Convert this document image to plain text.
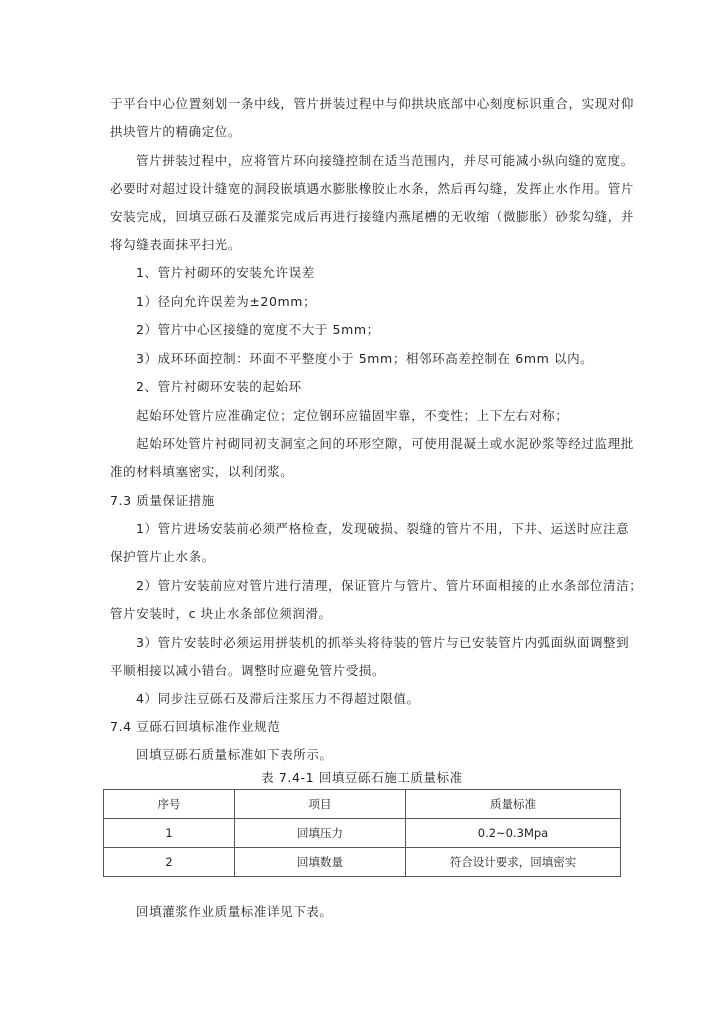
于平台中心位置刻划一条中线，管片拼装过程中与仰拱块底部中心刻度标识重合，实现对仰
拱块管片的精确定位。
管片拼装过程中，应将管片环向接缝控制在适当范围内，并尽可能减小纵向缝的宽度。
必要时对超过设计缝宽的洞段嵌填遇水膨胀橡胶止水条，然后再勾缝，发挥止水作用。管片
安装完成，回填豆砾石及灌浆完成后再进行接缝内燕尾槽的无收缩（微膨胀）砂浆勾缝，并
将勾缝表面抹平扫光。
1、管片衬砌环的安装允许误差
1）径向允许误差为±20mm；
2）管片中心区接缝的宽度不大于 5mm；
3）成环环面控制：环面不平整度小于 5mm；相邻环高差控制在 6mm 以内。
2、管片衬砌环安装的起始环
起始环处管片应准确定位；定位钢环应锚固牢靠，不变性；上下左右对称；
起始环处管片衬砌同初支洞室之间的环形空隙，可使用混凝土或水泥砂浆等经过监理批
准的材料填塞密实，以利闭浆。
7.3 质量保证措施
1）管片进场安装前必须严格检查，发现破损、裂缝的管片不用，下井、运送时应注意
保护管片止水条。
2）管片安装前应对管片进行清理，保证管片与管片、管片环面相接的止水条部位清洁；
管片安装时，c 块止水条部位须润滑。
3）管片安装时必须运用拼装机的抓举头将待装的管片与已安装管片内弧面纵面调整到
平顺相接以减小错台。调整时应避免管片受损。
4）同步注豆砾石及滞后注浆压力不得超过限值。
7.4 豆砾石回填标准作业规范
回填豆砾石质量标准如下表所示。
表 7.4-1 回填豆砾石施工质量标准
序号	项目	质量标准
1	回填压力	0.2~0.3Mpa
2	回填数量	符合设计要求，回填密实
回填灌浆作业质量标准详见下表。
